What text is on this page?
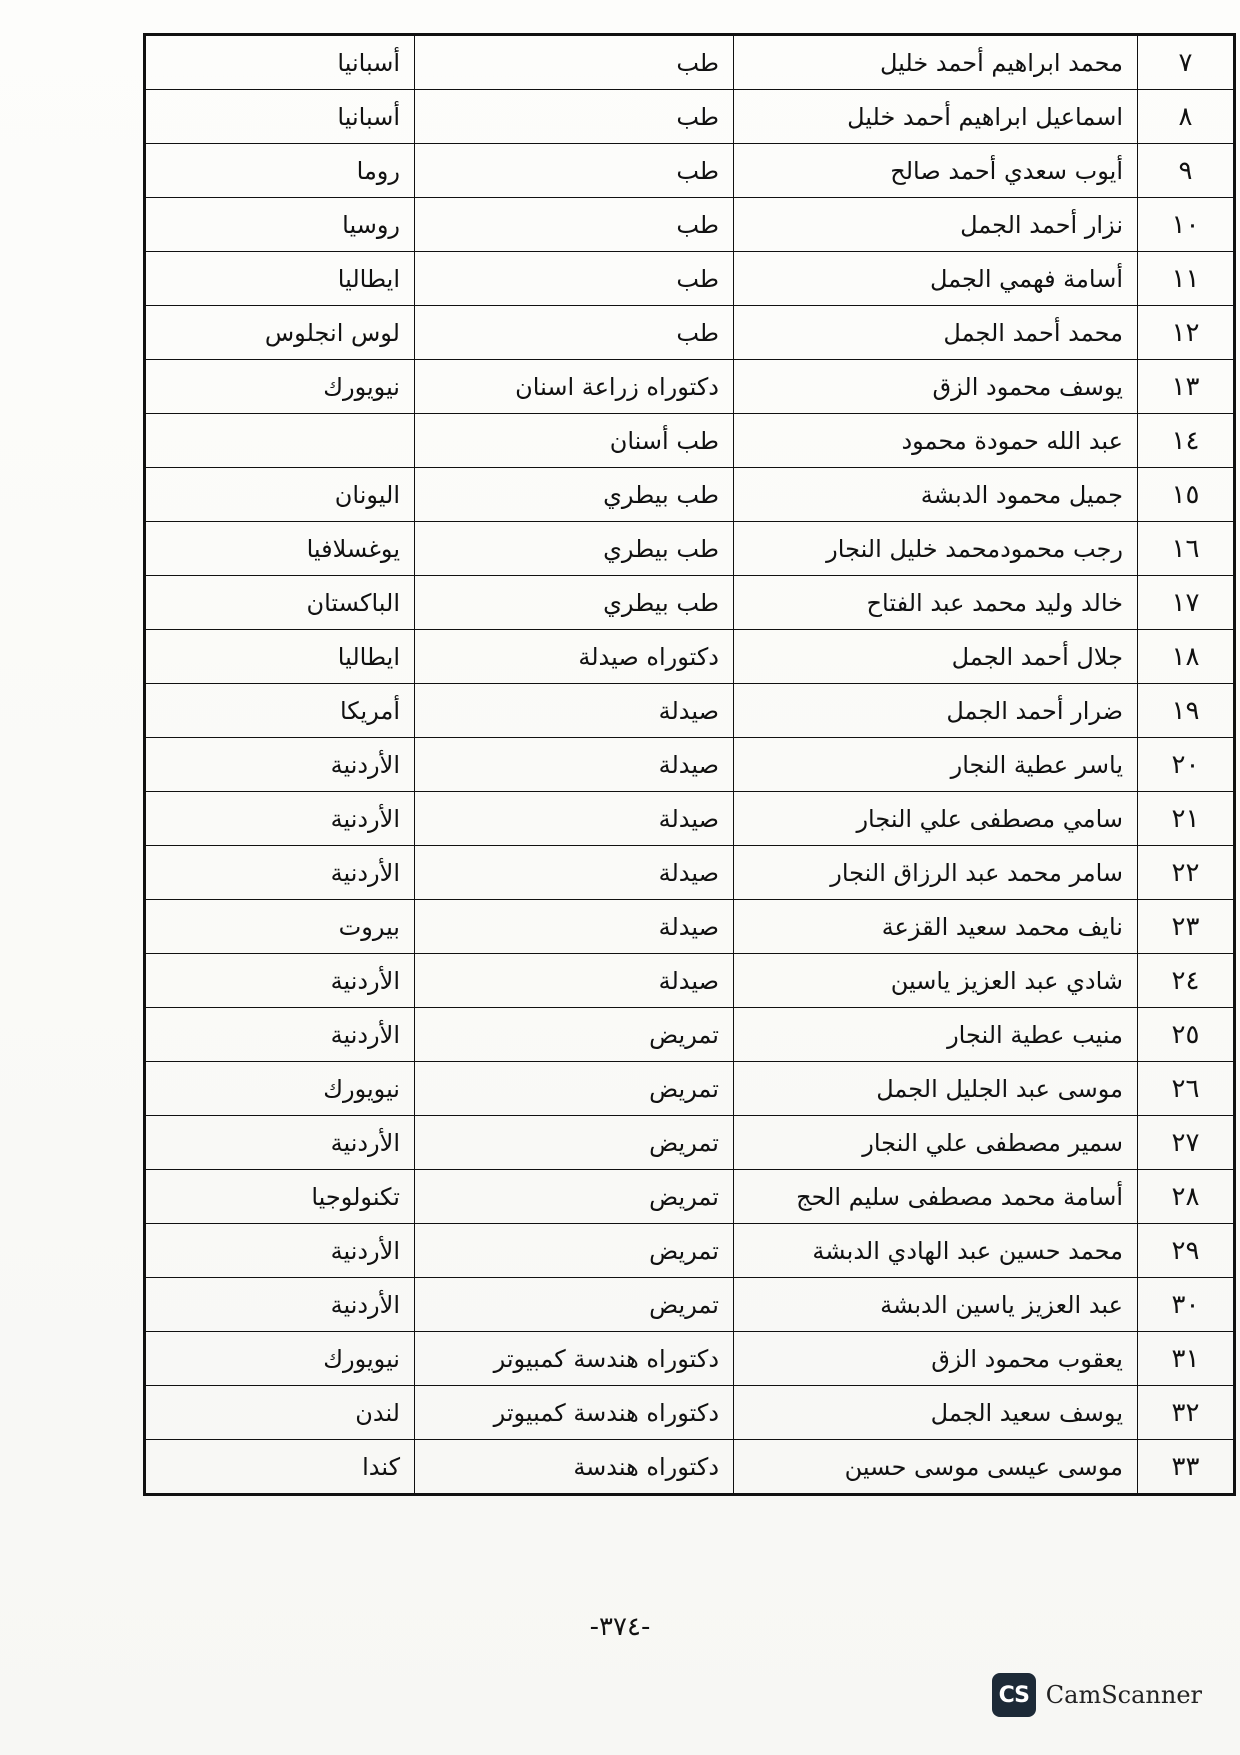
٧	محمد ابراهيم أحمد خليل	طب	أسبانيا
٨	اسماعيل ابراهيم أحمد خليل	طب	أسبانيا
٩	أيوب سعدي أحمد صالح	طب	روما
١٠	نزار أحمد الجمل	طب	روسيا
١١	أسامة فهمي الجمل	طب	ايطاليا
١٢	محمد أحمد الجمل	طب	لوس انجلوس
١٣	يوسف محمود الزق	دكتوراه زراعة اسنان	نيويورك
١٤	عبد الله حمودة محمود	طب أسنان	
١٥	جميل محمود الدبشة	طب بيطري	اليونان
١٦	رجب محمودمحمد خليل النجار	طب بيطري	يوغسلافيا
١٧	خالد وليد محمد عبد الفتاح	طب بيطري	الباكستان
١٨	جلال أحمد الجمل	دكتوراه صيدلة	ايطاليا
١٩	ضرار أحمد الجمل	صيدلة	أمريكا
٢٠	ياسر عطية النجار	صيدلة	الأردنية
٢١	سامي مصطفى علي النجار	صيدلة	الأردنية
٢٢	سامر محمد عبد الرزاق النجار	صيدلة	الأردنية
٢٣	نايف محمد سعيد القزعة	صيدلة	بيروت
٢٤	شادي عبد العزيز ياسين	صيدلة	الأردنية
٢٥	منيب عطية النجار	تمريض	الأردنية
٢٦	موسى عبد الجليل الجمل	تمريض	نيويورك
٢٧	سمير مصطفى علي النجار	تمريض	الأردنية
٢٨	أسامة محمد مصطفى سليم الحج	تمريض	تكنولوجيا
٢٩	محمد حسين عبد الهادي الدبشة	تمريض	الأردنية
٣٠	عبد العزيز ياسين الدبشة	تمريض	الأردنية
٣١	يعقوب محمود الزق	دكتوراه هندسة كمبيوتر	نيويورك
٣٢	يوسف سعيد الجمل	دكتوراه هندسة كمبيوتر	لندن
٣٣	موسى عيسى موسى حسين	دكتوراه هندسة	كندا
-٣٧٤-
CS CamScanner
